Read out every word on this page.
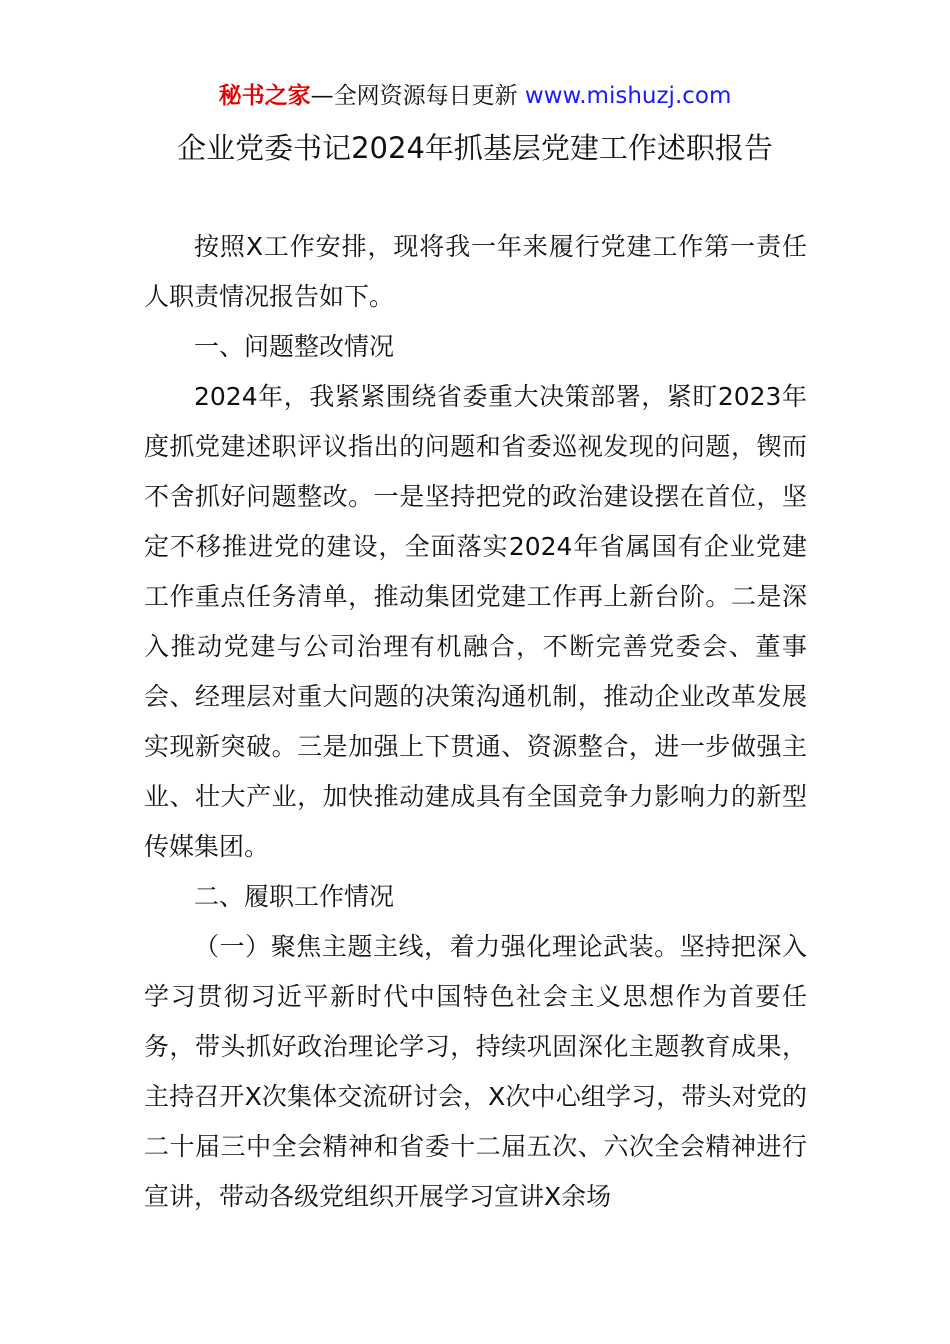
秘书之家—全网资源每日更新 www.mishuzj.com
企业党委书记2024年抓基层党建工作述职报告

按照X工作安排，现将我一年来履行党建工作第一责任人职责情况报告如下。

一、问题整改情况

2024年，我紧紧围绕省委重大决策部署，紧盯2023年度抓党建述职评议指出的问题和省委巡视发现的问题，锲而不舍抓好问题整改。一是坚持把党的政治建设摆在首位，坚定不移推进党的建设，全面落实2024年省属国有企业党建工作重点任务清单，推动集团党建工作再上新台阶。二是深入推动党建与公司治理有机融合，不断完善党委会、董事会、经理层对重大问题的决策沟通机制，推动企业改革发展实现新突破。三是加强上下贯通、资源整合，进一步做强主业、壮大产业，加快推动建成具有全国竞争力影响力的新型传媒集团。

二、履职工作情况

（一）聚焦主题主线，着力强化理论武装。坚持把深入学习贯彻习近平新时代中国特色社会主义思想作为首要任务，带头抓好政治理论学习，持续巩固深化主题教育成果，主持召开X次集体交流研讨会，X次中心组学习，带头对党的二十届三中全会精神和省委十二届五次、六次全会精神进行宣讲，带动各级党组织开展学习宣讲X余场
